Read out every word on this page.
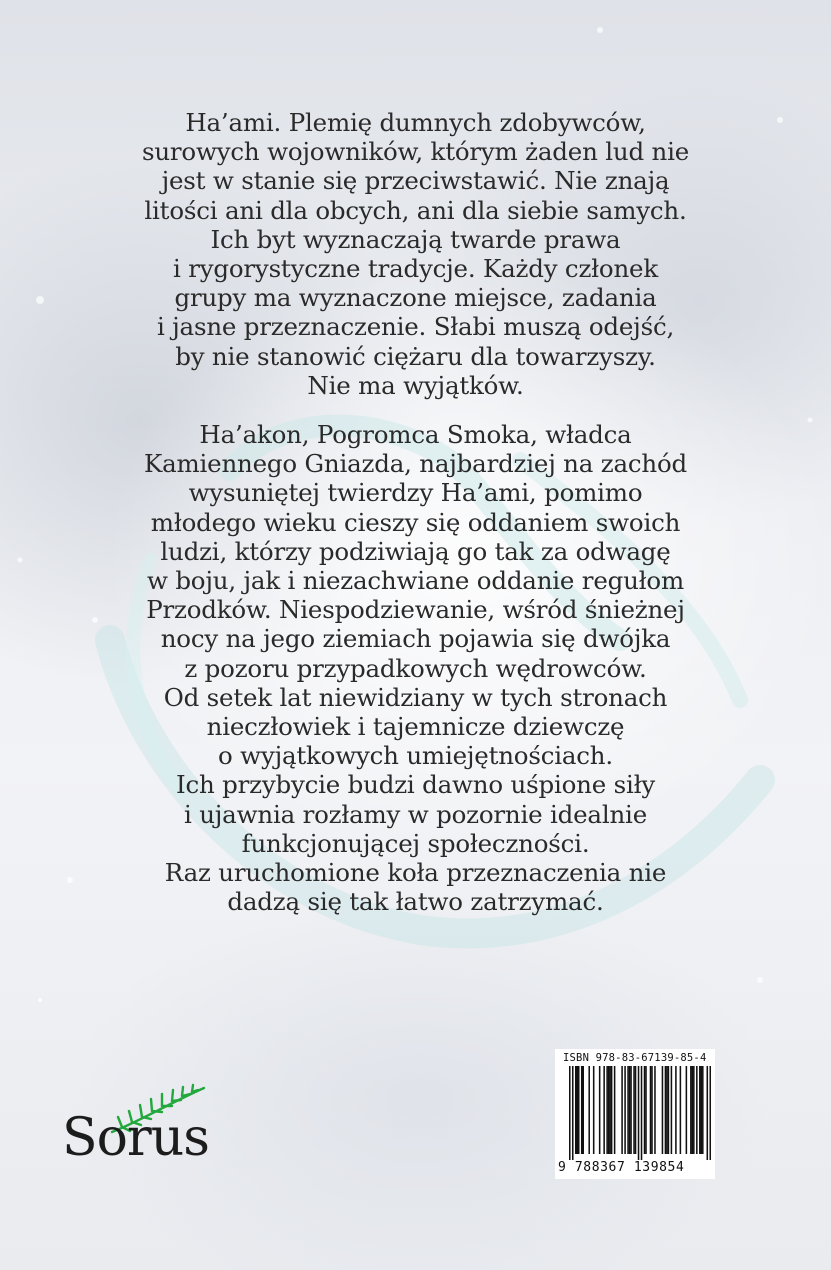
Ha’ami. Plemię dumnych zdobywców,
surowych wojowników, którym żaden lud nie
jest w stanie się przeciwstawić. Nie znają
litości ani dla obcych, ani dla siebie samych.
Ich byt wyznaczają twarde prawa
i rygorystyczne tradycje. Każdy członek
grupy ma wyznaczone miejsce, zadania
i jasne przeznaczenie. Słabi muszą odejść,
by nie stanowić ciężaru dla towarzyszy.
Nie ma wyjątków.

Ha’akon, Pogromca Smoka, władca
Kamiennego Gniazda, najbardziej na zachód
wysuniętej twierdzy Ha’ami, pomimo
młodego wieku cieszy się oddaniem swoich
ludzi, którzy podziwiają go tak za odwagę
w boju, jak i niezachwiane oddanie regułom
Przodków. Niespodziewanie, wśród śnieżnej
nocy na jego ziemiach pojawia się dwójka
z pozoru przypadkowych wędrowców.
Od setek lat niewidziany w tych stronach
nieczłowiek i tajemnicze dziewczę
o wyjątkowych umiejętnościach.
Ich przybycie budzi dawno uśpione siły
i ujawnia rozłamy w pozornie idealnie
funkcjonującej społeczności.
Raz uruchomione koła przeznaczenia nie
dadzą się tak łatwo zatrzymać.

Sorus
ISBN 978-83-67139-85-4
9 788367 139854
